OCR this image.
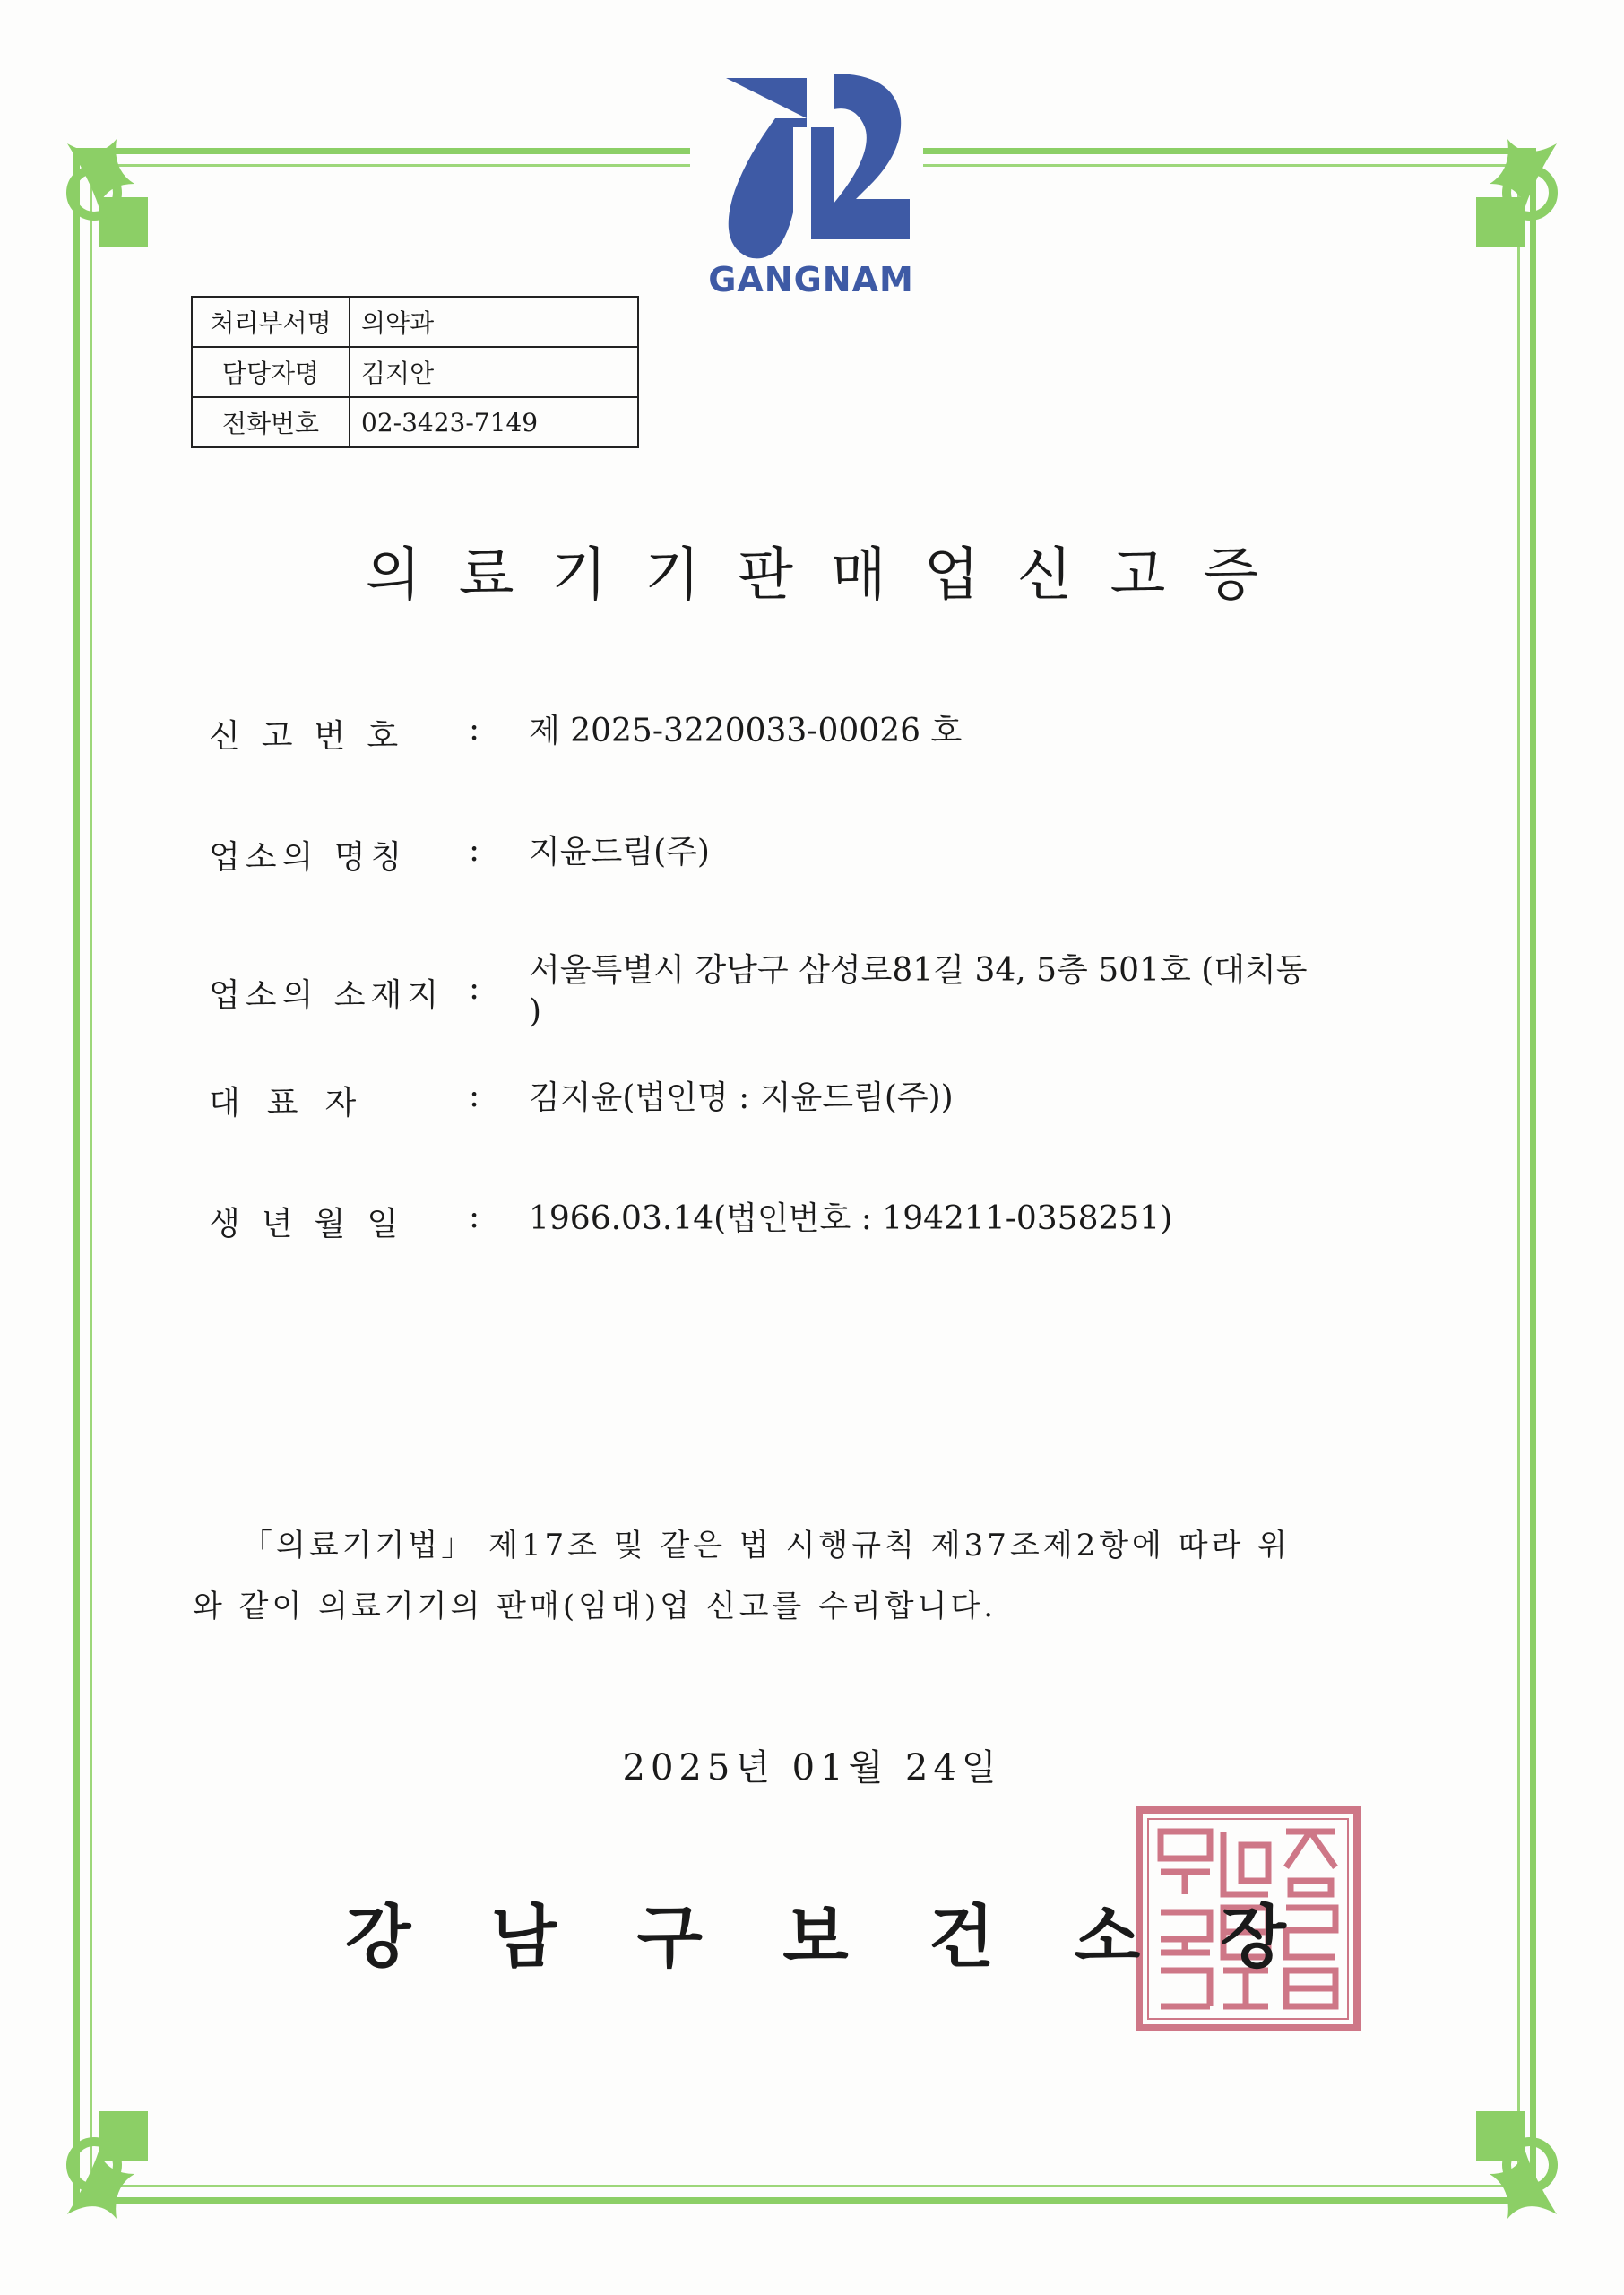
GANGNAM
처리부서명	의약과
담당자명	김지안
전화번호	02-3423-7149
의료기기판매업신고증
신고번호	: 제 2025-3220033-00026 호
업소의 명칭	: 지윤드림(주)
업소의 소재지 : 서울특별시 강남구 삼성로81길 34, 5층 501호 (대치동
)
대표자	: 김지윤(법인명 : 지윤드림(주))
생년월일	: 1966.03.14(법인번호 : 194211-0358251)
「의료기기법」 제17조 및 같은 법 시행규칙 제37조제2항에 따라 위
와 같이 의료기기의 판매(임대)업 신고를 수리합니다.
2025년 01월 24일
강 남 구 보 건 소 장
